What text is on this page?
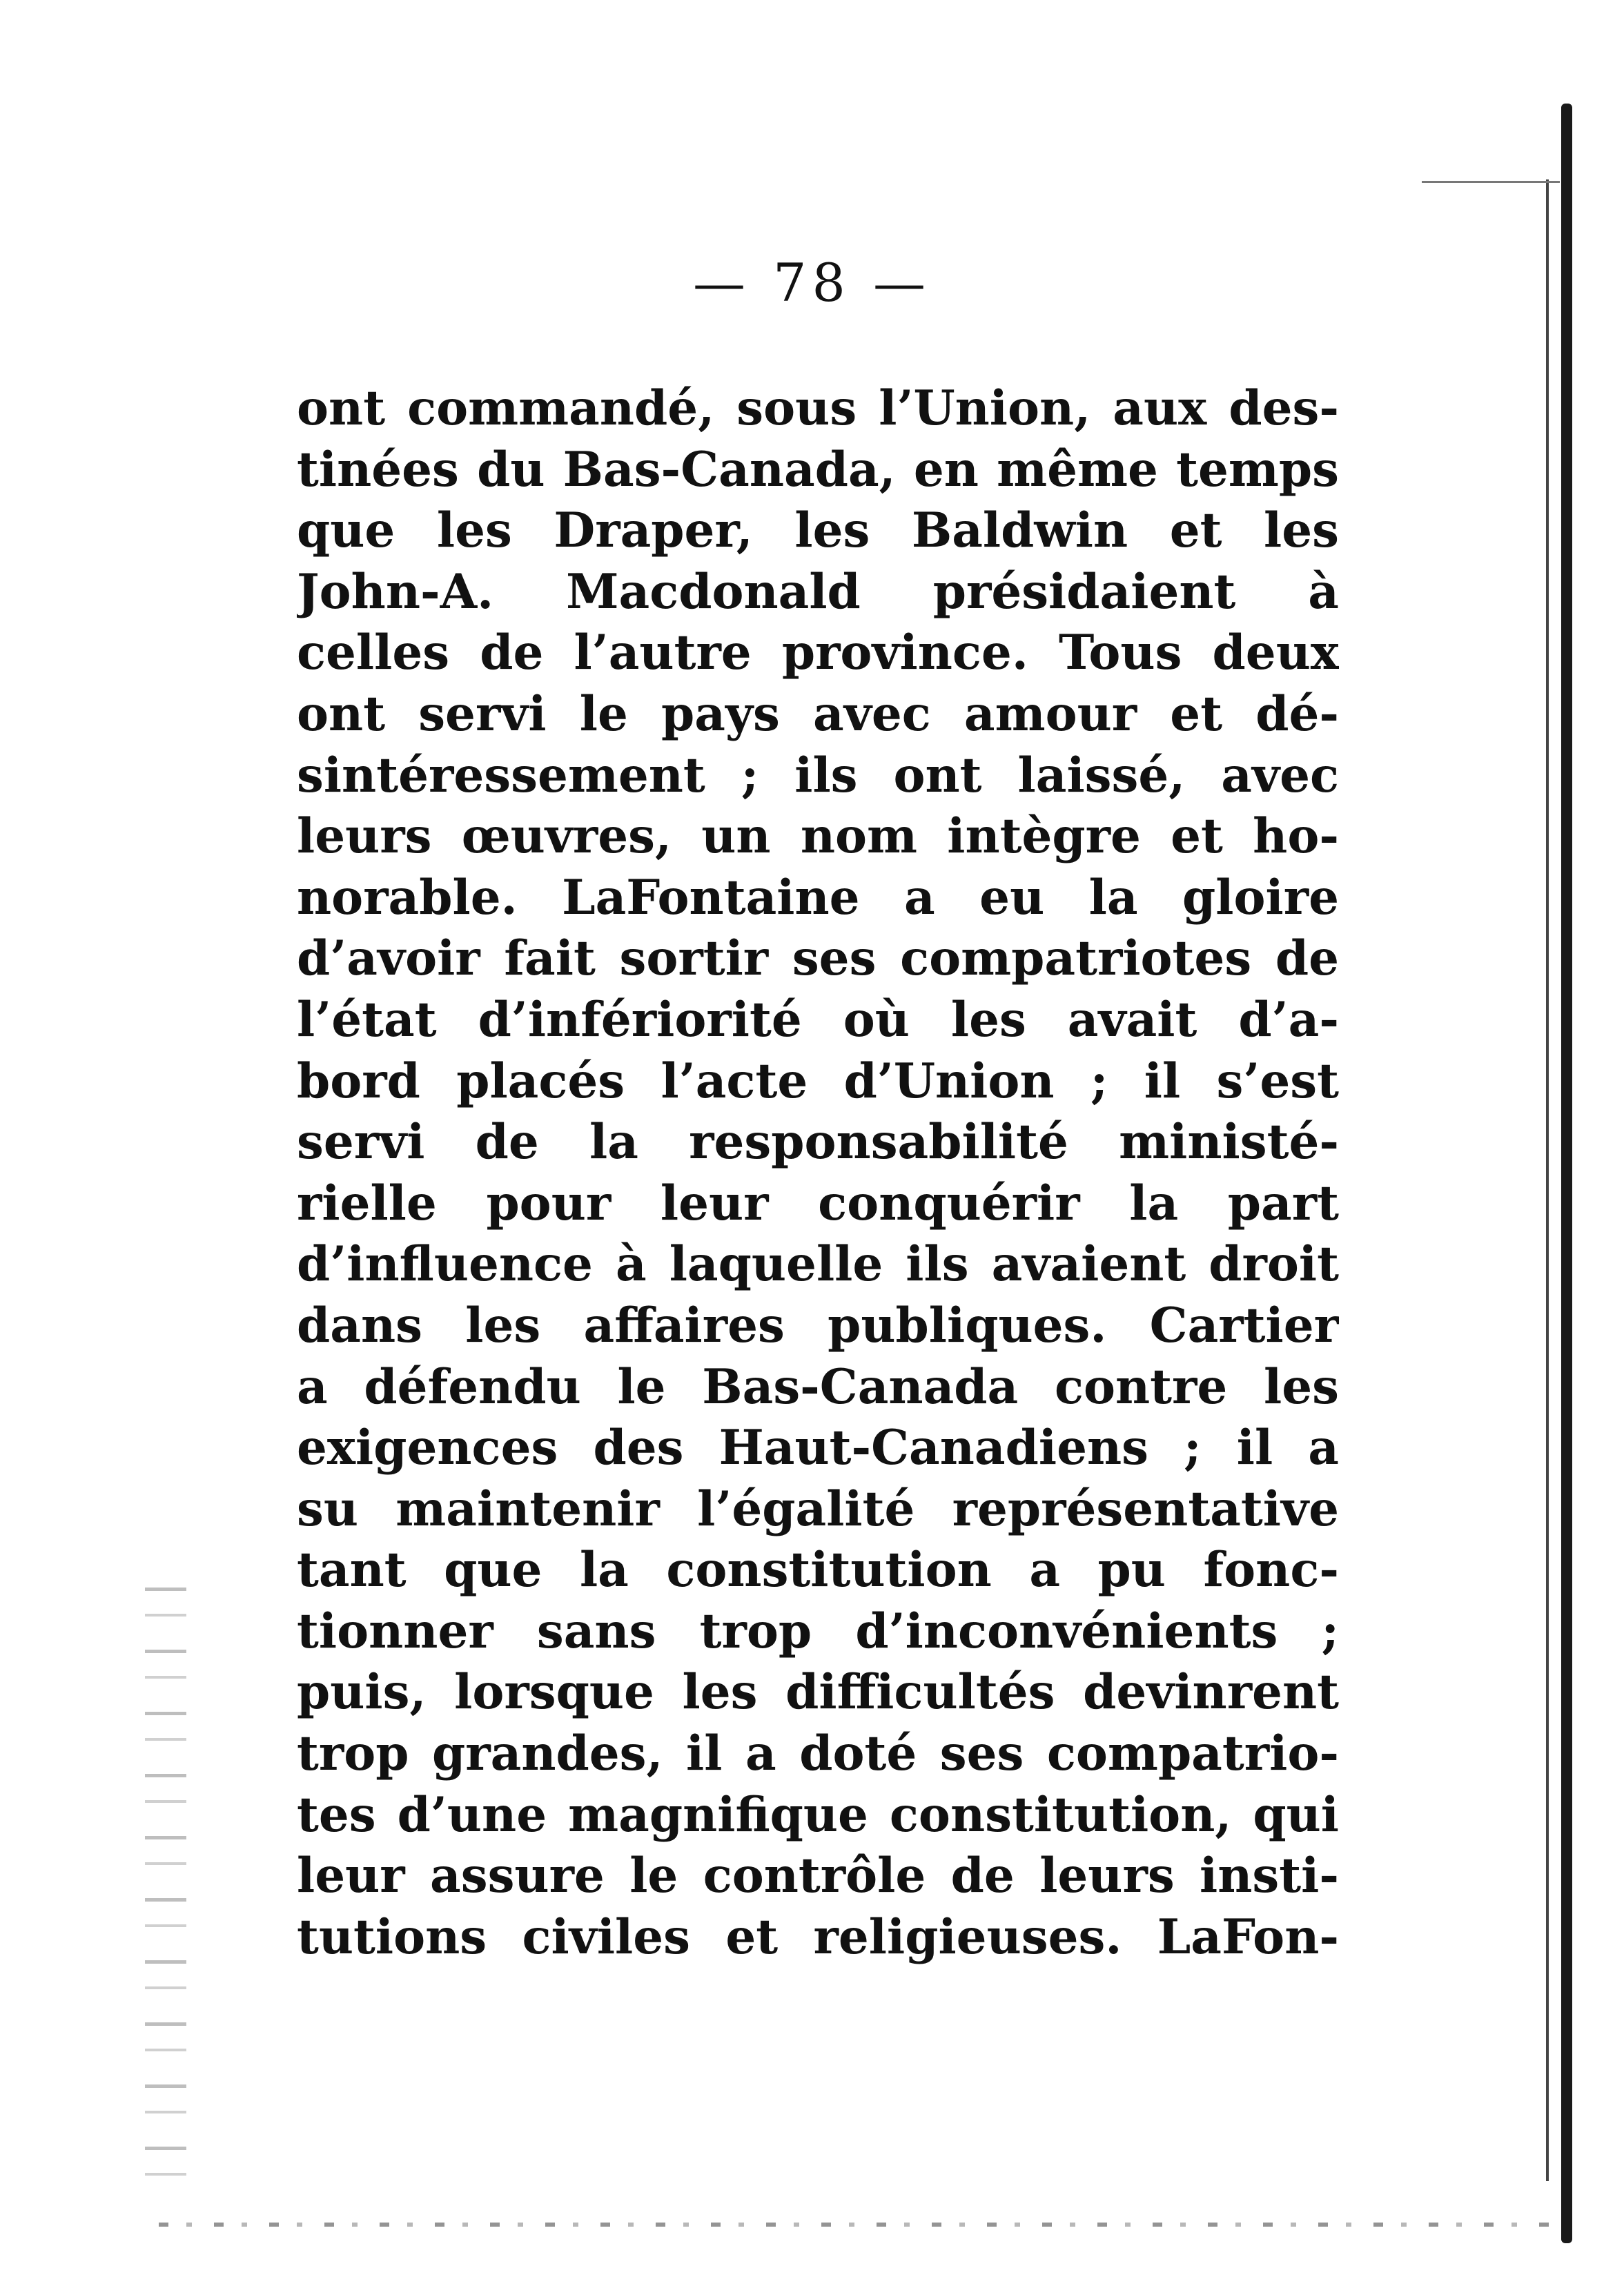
— 78 —
ont commandé, sous l’Union, aux des-
tinées du Bas-Canada, en même temps
que les Draper, les Baldwin et les
John-A. Macdonald présidaient à
celles de l’autre province. Tous deux
ont servi le pays avec amour et dé-
sintéressement ; ils ont laissé, avec
leurs œuvres, un nom intègre et ho-
norable. LaFontaine a eu la gloire
d’avoir fait sortir ses compatriotes de
l’état d’infériorité où les avait d’a-
bord placés l’acte d’Union ; il s’est
servi de la responsabilité ministé-
rielle pour leur conquérir la part
d’influence à laquelle ils avaient droit
dans les affaires publiques. Cartier
a défendu le Bas-Canada contre les
exigences des Haut-Canadiens ; il a
su maintenir l’égalité représentative
tant que la constitution a pu fonc-
tionner sans trop d’inconvénients ;
puis, lorsque les difficultés devinrent
trop grandes, il a doté ses compatrio-
tes d’une magnifique constitution, qui
leur assure le contrôle de leurs insti-
tutions civiles et religieuses. LaFon-
